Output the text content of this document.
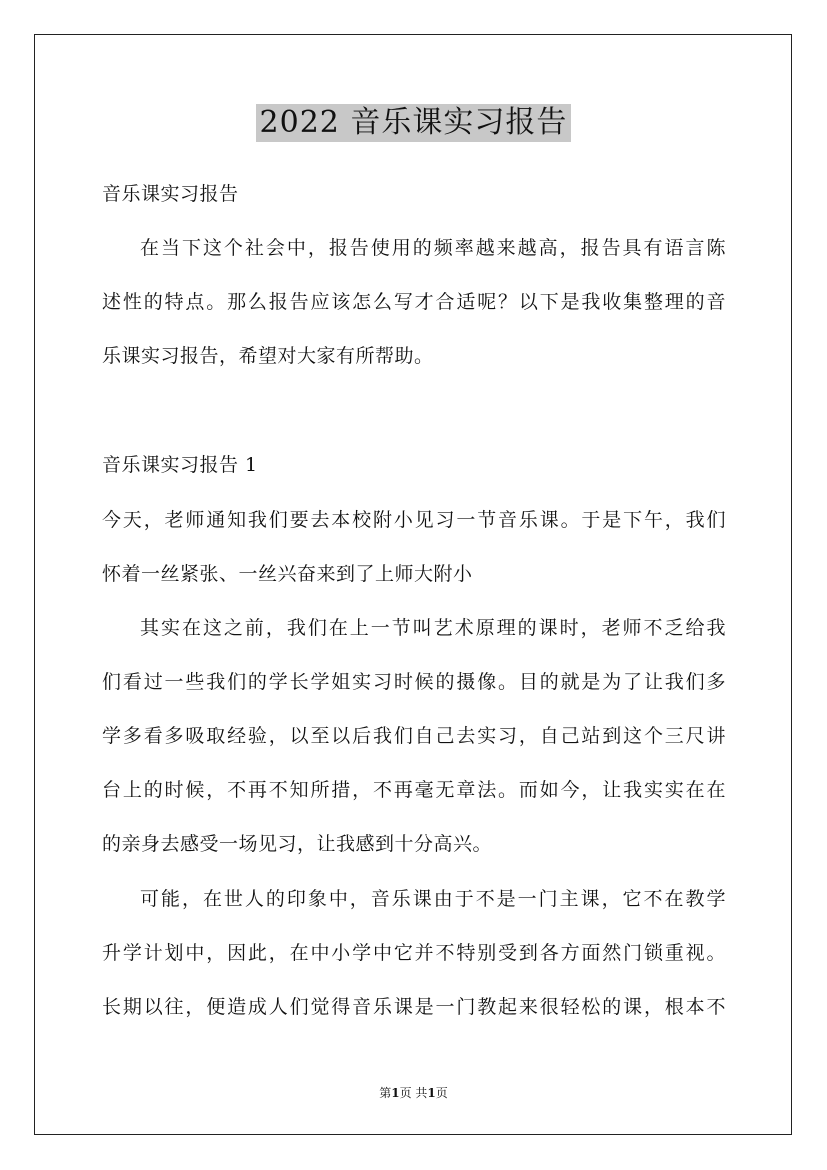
2022 音乐课实习报告
音乐课实习报告
在当下这个社会中，报告使用的频率越来越高，报告具有语言陈
述性的特点。那么报告应该怎么写才合适呢？以下是我收集整理的音
乐课实习报告，希望对大家有所帮助。
音乐课实习报告 1
今天，老师通知我们要去本校附小见习一节音乐课。于是下午，我们
怀着一丝紧张、一丝兴奋来到了上师大附小
其实在这之前，我们在上一节叫艺术原理的课时，老师不乏给我
们看过一些我们的学长学姐实习时候的摄像。目的就是为了让我们多
学多看多吸取经验，以至以后我们自己去实习，自己站到这个三尺讲
台上的时候，不再不知所措，不再毫无章法。而如今，让我实实在在
的亲身去感受一场见习，让我感到十分高兴。
可能，在世人的印象中，音乐课由于不是一门主课，它不在教学
升学计划中，因此，在中小学中它并不特别受到各方面然门锁重视。
长期以往，便造成人们觉得音乐课是一门教起来很轻松的课，根本不
第1页 共1页
